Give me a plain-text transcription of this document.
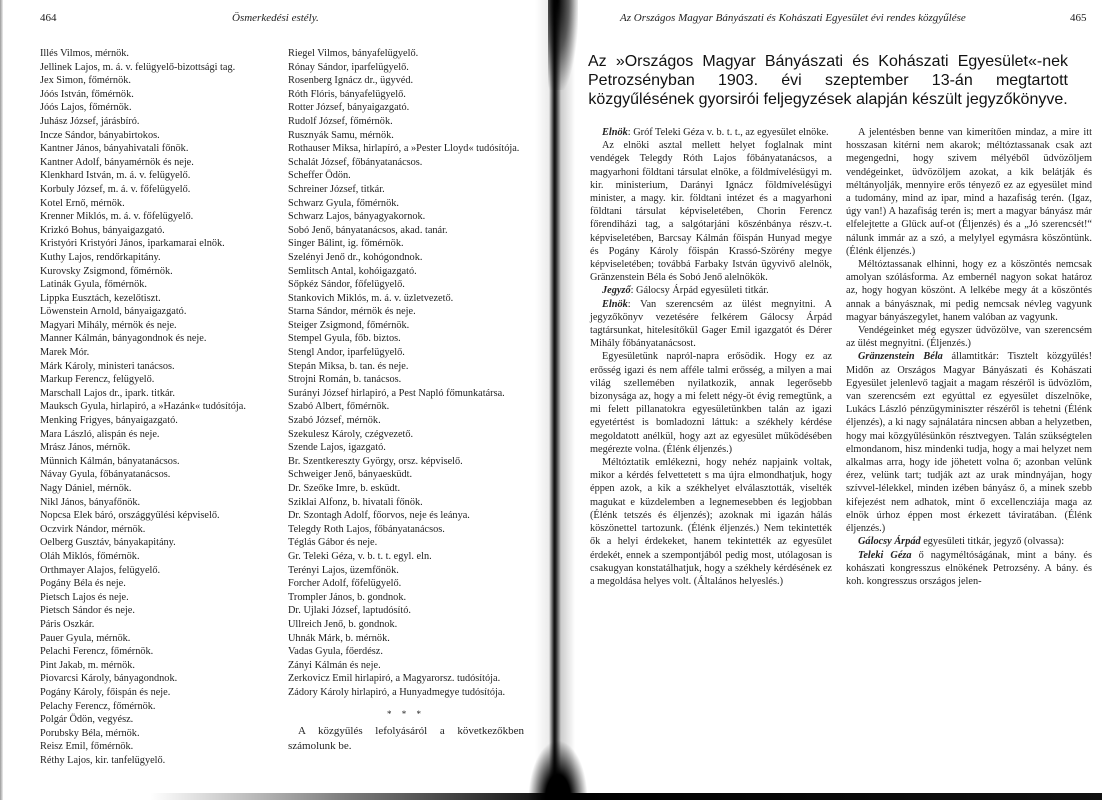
464	Ösmerkedési estély.
Illés Vilmos, mérnök.
Jellinek Lajos, m. á. v. felügyelő-bizottsági tag.
Jex Simon, főmérnök.
Jóós István, főmérnök.
Jóós Lajos, főmérnök.
Juhász József, járásbíró.
Incze Sándor, bányabirtokos.
Kantner János, bányahivatali főnök.
Kantner Adolf, bányamérnök és neje.
Klenkhard István, m. á. v. felügyelő.
Korbuly József, m. á. v. főfelügyelő.
Kotel Ernő, mérnök.
Krenner Miklós, m. á. v. főfelügyelő.
Krizkó Bohus, bányaigazgató.
Kristyóri Kristyóri János, iparkamarai elnök.
Kuthy Lajos, rendőrkapitány.
Kurovsky Zsigmond, főmérnök.
Latinák Gyula, főmérnök.
Lippka Eusztách, kezelőtiszt.
Löwenstein Arnold, bányaigazgató.
Magyari Mihály, mérnök és neje.
Manner Kálmán, bányagondnok és neje.
Marek Mór.
Márk Károly, ministeri tanácsos.
Markup Ferencz, felügyelő.
Marschall Lajos dr., ipark. titkár.
Mauksch Gyula, hirlapiró, a »Hazánk« tudósítója.
Menking Frigyes, bányaigazgató.
Mara László, alispán és neje.
Mrász János, mérnök.
Münnich Kálmán, bányatanácsos.
Návay Gyula, főbányatanácsos.
Nagy Dániel, mérnök.
Nikl János, bányafőnök.
Nopcsa Elek báró, országgyűlési képviselő.
Oczvirk Nándor, mérnök.
Oelberg Gusztáv, bányakapitány.
Oláh Miklós, főmérnök.
Orthmayer Alajos, felügyelő.
Pogány Béla és neje.
Pietsch Lajos és neje.
Pietsch Sándor és neje.
Páris Oszkár.
Pauer Gyula, mérnök.
Pelachi Ferencz, főmérnök.
Pint Jakab, m. mérnök.
Piovarcsi Károly, bányagondnok.
Pogány Károly, főispán és neje.
Pelachy Ferencz, főmérnök.
Polgár Ödön, vegyész.
Porubsky Béla, mérnök.
Reisz Emil, főmérnök.
Réthy Lajos, kir. tanfelügyelő.
Riegel Vilmos, bányafelügyelő.
Rónay Sándor, iparfelügyelő.
Rosenberg Ignácz dr., ügyvéd.
Róth Flóris, bányafelügyelő.
Rotter József, bányaigazgató.
Rudolf József, főmérnök.
Rusznyák Samu, mérnök.
Rothauser Miksa, hirlapíró, a »Pester Lloyd« tudósítója.
Schalát József, főbányatanácsos.
Scheffer Ödön.
Schreiner József, titkár.
Schwarz Gyula, főmérnök.
Schwarz Lajos, bányagyakornok.
Sobó Jenő, bányatanácsos, akad. tanár.
Singer Bálint, ig. főmérnök.
Szelényi Jenő dr., kohógondnok.
Semlitsch Antal, kohóigazgató.
Sőpkéz Sándor, főfelügyelő.
Stankovich Miklós, m. á. v. üzletvezető.
Starna Sándor, mérnök és neje.
Steiger Zsigmond, főmérnök.
Stempel Gyula, főb. biztos.
Stengl Andor, iparfelügyelő.
Stepán Miksa, b. tan. és neje.
Strojni Román, b. tanácsos.
Surányi József hirlapiró, a Pest Napló főmunkatársa.
Szabó Albert, főmérnök.
Szabó József, mérnök.
Szekulesz Károly, czégvezető.
Szende Lajos, igazgató.
Br. Szentkereszty György, orsz. képviselő.
Schweiger Jenő, bányaesküdt.
Dr. Szeőke Imre, b. esküdt.
Sziklai Alfonz, b. hivatali főnök.
Dr. Szontagh Adolf, főorvos, neje és leánya.
Telegdy Roth Lajos, főbányatanácsos.
Téglás Gábor és neje.
Gr. Teleki Géza, v. b. t. t. egyl. eln.
Terényi Lajos, üzemfőnök.
Forcher Adolf, főfelügyelő.
Trompler János, b. gondnok.
Dr. Ujlaki József, laptudósító.
Ullreich Jenő, b. gondnok.
Uhnák Márk, b. mérnök.
Vadas Gyula, főerdész.
Zányi Kálmán és neje.
Zerkovicz Emil hirlapiró, a Magyarorsz. tudósítója.
Zádory Károly hirlapiró, a Hunyadmegye tudósítója.
* * *
A közgyűlés lefolyásáról a következőkben számolunk be.
Az Országos Magyar Bányászati és Kohászati Egyesület évi rendes közgyűlése	465
Az »Országos Magyar Bányászati és Kohászati Egyesület«-nek Petrozsényban 1903. évi szeptember 13-án megtartott közgyűlésének gyorsirói feljegyzések alapján készült jegyzőkönyve.

Elnök: Gróf Teleki Géza v. b. t. t., az egyesület elnöke.

Az elnöki asztal mellett helyet foglalnak mint vendégek Telegdy Róth Lajos főbányatanácsos, a magyarhoni földtani társulat elnöke, a földmívelésügyi m. kir. ministerium, Darányi Ignácz földmívelésügyi minister, a magy. kir. földtani intézet és a magyarhoni földtani társulat képviseletében, Chorin Ferencz főrendiházi tag, a salgótarjáni kőszénbánya részv.-t. képviseletében, Barcsay Kálmán főispán Hunyad megye és Pogány Károly főispán Krassó-Szörény megye képviseletében; továbbá Farbaky István ügyvivő alelnök, Gränzenstein Béla és Sobó Jenő alelnökök.

Jegyző: Gálocsy Árpád egyesületi titkár.

Elnök: Van szerencsém az ülést megnyitni. A jegyzőkönyv vezetésére felkérem Gálocsy Árpád tagtársunkat, hitelesítőkül Gager Emil igazgatót és Dérer Mihály főbányatanácsost.

Egyesületünk napról-napra erősödik. Hogy ez az erősség igazi és nem afféle talmi erősség, a milyen a mai világ szellemében nyilatkozik, annak legerősebb bizonysága az, hogy a mi felett négy-öt évig remegtünk, a mi felett pillanatokra egyesületünkben talán az igazi egyetértést is bomladozni láttuk: a székhely kérdése megoldatott anélkül, hogy azt az egyesület működésében megérezte volna. (Élénk éljenzés.)

Méltóztatik emlékezni, hogy nehéz napjaink voltak, mikor a kérdés felvettetett s ma újra elmondhatjuk, hogy éppen azok, a kik a székhelyet elválasztották, viselték magukat e küzdelemben a legnemesebben és legjobban (Élénk tetszés és éljenzés); azoknak mi igazán hálás köszönettel tartozunk. (Élénk éljenzés.) Nem tekintették ők a helyi érdekeket, hanem tekintették az egyesület érdekét, ennek a szempontjából pedig most, utólagosan is csakugyan konstatálhatjuk, hogy a székhely kérdésének ez a megoldása helyes volt. (Általános helyeslés.)

A jelentésben benne van kimerítően mindaz, a mire itt hosszasan kitérni nem akarok; méltóztassanak csak azt megengedni, hogy szivem mélyéből üdvözöljem vendégeinket, üdvözöljem azokat, a kik belátják és méltányolják, mennyire erős tényező ez az egyesület mind a tudomány, mind az ipar, mind a hazafiság terén. (Igaz, úgy van!) A hazafiság terén is; mert a magyar bányász már elfelejtette a Glück auf-ot (Éljenzés) és a „Jó szerencsét!“ nálunk immár az a szó, a melylyel egymásra köszöntünk. (Élénk éljenzés.)

Méltóztassanak elhinni, hogy ez a köszöntés nemcsak amolyan szólásforma. Az embernél nagyon sokat határoz az, hogy hogyan köszönt. A lelkébe megy át a köszöntés annak a bányásznak, mi pedig nemcsak névleg vagyunk magyar bányászegylet, hanem valóban az vagyunk.

Vendégeinket még egyszer üdvözölve, van szerencsém az ülést megnyitni. (Éljenzés.)

Gränzenstein Béla államtitkár: Tisztelt közgyűlés! Midőn az Országos Magyar Bányászati és Kohászati Egyesület jelenlevő tagjait a magam részéről is üdvözlöm, van szerencsém ezt egyúttal ez egyesület díszelnöke, Lukács László pénzügyminiszter részéről is tehetni (Élénk éljenzés), a ki nagy sajnálatára nincsen abban a helyzetben, hogy mai közgyűlésünkön résztvegyen. Talán szükségtelen elmondanom, hisz mindenki tudja, hogy a mai helyzet nem alkalmas arra, hogy ide jöhetett volna ő; azonban velünk érez, velünk tart; tudják azt az urak mindnyájan, hogy szívvel-lélekkel, minden izében bányász ő, a minek szebb kifejezést nem adhatok, mint ő excellencziája maga az elnök úrhoz éppen most érkezett táviratában. (Élénk éljenzés.)

Gálocsy Árpád egyesületi titkár, jegyző (olvassa):

Teleki Géza ő nagyméltóságának, mint a bány. és kohászati kongresszus elnökének Petrozsény. A bány. és koh. kongresszus országos jelen-
